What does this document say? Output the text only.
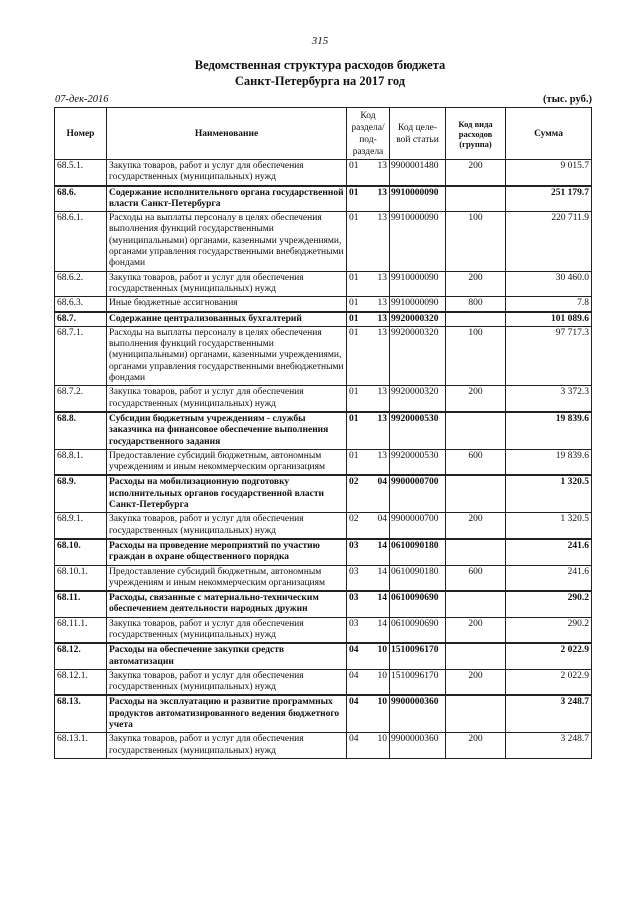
315
Ведомственная структура расходов бюджета
Санкт-Петербурга на 2017 год
07-дек-2016	(тыс. руб.)
Номер	Наименование	Код раздела/ под-раздела		Код целе-вой статьи	Код вида расходов (группа)	Сумма
68.5.1.	Закупка товаров, работ и услуг для обеспечения государственных (муниципальных) нужд	01	13	9900001480	200	9 015.7
68.6.	Содержание исполнительного органа государственной власти Санкт-Петербурга	01	13	9910000090		251 179.7
68.6.1.	Расходы на выплаты персоналу в целях обеспечения выполнения функций государственными (муниципальными) органами, казенными учреждениями, органами управления государственными внебюджетными фондами	01	13	9910000090	100	220 711.9
68.6.2.	Закупка товаров, работ и услуг для обеспечения государственных (муниципальных) нужд	01	13	9910000090	200	30 460.0
68.6.3.	Иные бюджетные ассигнования	01	13	9910000090	800	7.8
68.7.	Содержание централизованных бухгалтерий	01	13	9920000320		101 089.6
68.7.1.	Расходы на выплаты персоналу в целях обеспечения выполнения функций государственными (муниципальными) органами, казенными учреждениями, органами управления государственными внебюджетными фондами	01	13	9920000320	100	97 717.3
68.7.2.	Закупка товаров, работ и услуг для обеспечения государственных (муниципальных) нужд	01	13	9920000320	200	3 372.3
68.8.	Субсидии бюджетным учреждениям - службы заказчика на финансовое обеспечение выполнения государственного задания	01	13	9920000530		19 839.6
68.8.1.	Предоставление субсидий бюджетным, автономным учреждениям и иным некоммерческим организациям	01	13	9920000530	600	19 839.6
68.9.	Расходы на мобилизационную подготовку исполнительных органов государственной власти Санкт-Петербурга	02	04	9900000700		1 320.5
68.9.1.	Закупка товаров, работ и услуг для обеспечения государственных (муниципальных) нужд	02	04	9900000700	200	1 320.5
68.10.	Расходы на проведение мероприятий по участию граждан в охране общественного порядка	03	14	0610090180		241.6
68.10.1.	Предоставление субсидий бюджетным, автономным учреждениям и иным некоммерческим организациям	03	14	0610090180	600	241.6
68.11.	Расходы, связанные с материально-техническим обеспечением деятельности народных дружин	03	14	0610090690		290.2
68.11.1.	Закупка товаров, работ и услуг для обеспечения государственных (муниципальных) нужд	03	14	0610090690	200	290.2
68.12.	Расходы на обеспечение закупки средств автоматизации	04	10	1510096170		2 022.9
68.12.1.	Закупка товаров, работ и услуг для обеспечения государственных (муниципальных) нужд	04	10	1510096170	200	2 022.9
68.13.	Расходы на эксплуатацию и развитие программных продуктов автоматизированного ведения бюджетного учета	04	10	9900000360		3 248.7
68.13.1.	Закупка товаров, работ и услуг для обеспечения государственных (муниципальных) нужд	04	10	9900000360	200	3 248.7
